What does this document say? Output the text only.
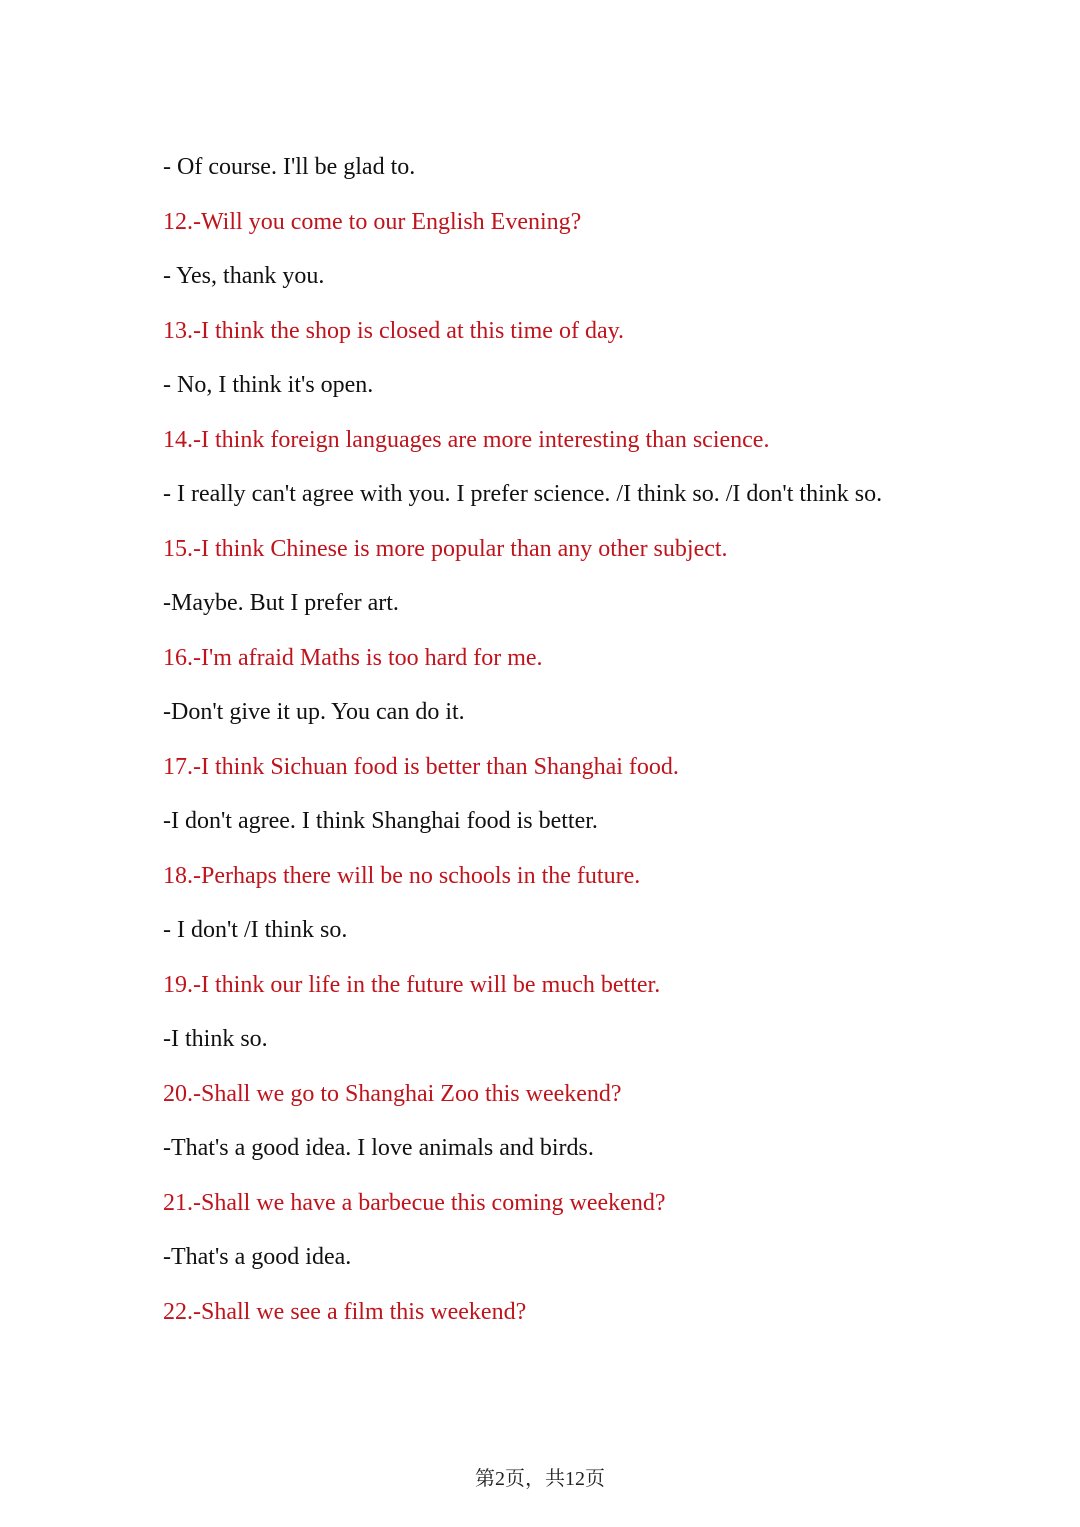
- Of course. I'll be glad to.
12.-Will you come to our English Evening?
- Yes, thank you.
13.-I think the shop is closed at this time of day.
- No, I think it's open.
14.-I think foreign languages are more interesting than science.
- I really can't agree with you. I prefer science. /I think so. /I don't think so.
15.-I think Chinese is more popular than any other subject.
-Maybe. But I prefer art.
16.-I'm afraid Maths is too hard for me.
-Don't give it up. You can do it.
17.-I think Sichuan food is better than Shanghai food.
-I don't agree. I think Shanghai food is better.
18.-Perhaps there will be no schools in the future.
- I don't /I think so.
19.-I think our life in the future will be much better.
-I think so.
20.-Shall we go to Shanghai Zoo this weekend?
-That's a good idea. I love animals and birds.
21.-Shall we have a barbecue this coming weekend?
-That's a good idea.
22.-Shall we see a film this weekend?
第2页，共12页
